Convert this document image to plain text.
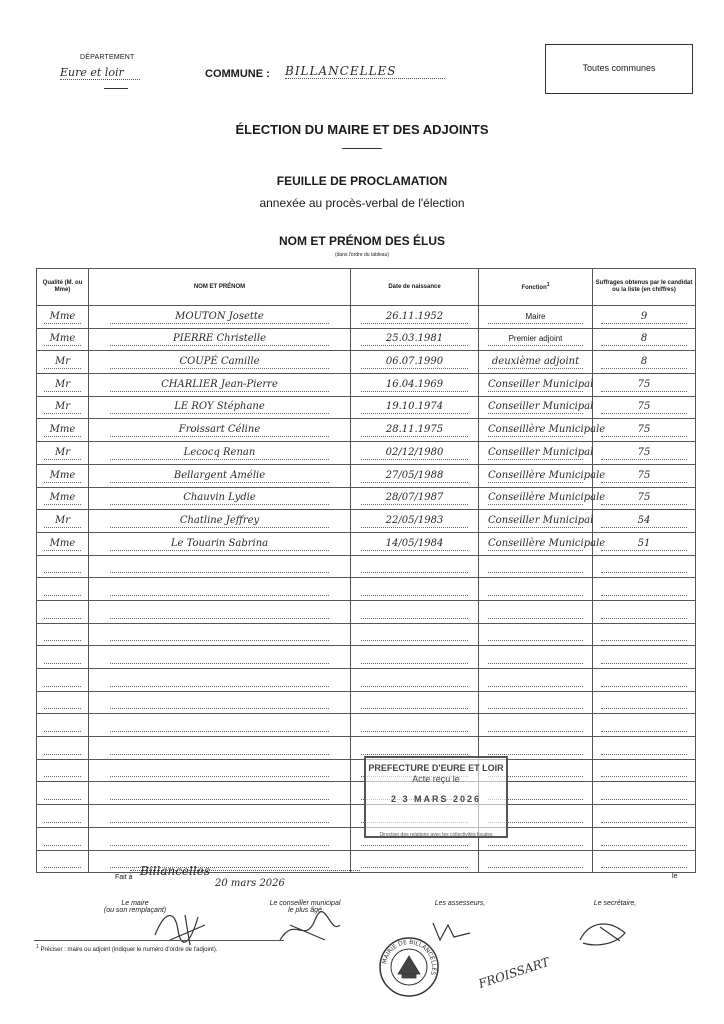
DÉPARTEMENT
Eure et loir	COMMUNE : BILLANCELLES	Toutes communes
ÉLECTION DU MAIRE ET DES ADJOINTS
FEUILLE DE PROCLAMATION
annexée au procès-verbal de l'élection
NOM ET PRÉNOM DES ÉLUS
(dans l'ordre du tableau)
Qualité (M. ou Mme)	NOM ET PRÉNOM	Date de naissance	Fonction$^1$	Suffrages obtenus par le candidat ou la liste (en chiffres)

Mme	MOUTON Josette	26.11.1952	Maire	9

Mme	PIERRE Christelle	25.03.1981	Premier adjoint	8

Mr	COUPÉ Camille	06.07.1990	deuxième adjoint	8

Mr	CHARLIER Jean-Pierre	16.04.1969	Conseiller Municipal	75

Mr	LE ROY Stéphane	19.10.1974	Conseiller Municipal	75

Mme	Froissart Céline	28.11.1975	Conseillère Municipale	75

Mr	Lecocq Renan	02/12/1980	Conseiller Municipal	75

Mme	Bellargent Amélie	27/05/1988	Conseillère Municipale	75

Mme	Chauvin Lydie	28/07/1987	Conseillère Municipale	75

Mr	Chatline Jeffrey	22/05/1983	Conseiller Municipal	54

Mme	Le Touarin Sabrina	14/05/1984	Conseillère Municipale	51

PREFECTURE D'EURE ET LOIR
Acte reçu le
2 3 MARS 2026
Direction des relations avec les collectivités locales
Fait à Billancelles
20 mars 2026
le
Le maire
(ou son remplaçant)
Le conseiller municipal
le plus âgé
Les assesseurs,	Le secrétaire,
FROISSART
MAIRIE DE BILLANCELLES
$^1$ Préciser : maire ou adjoint (indiquer le numéro d'ordre de l'adjoint).
